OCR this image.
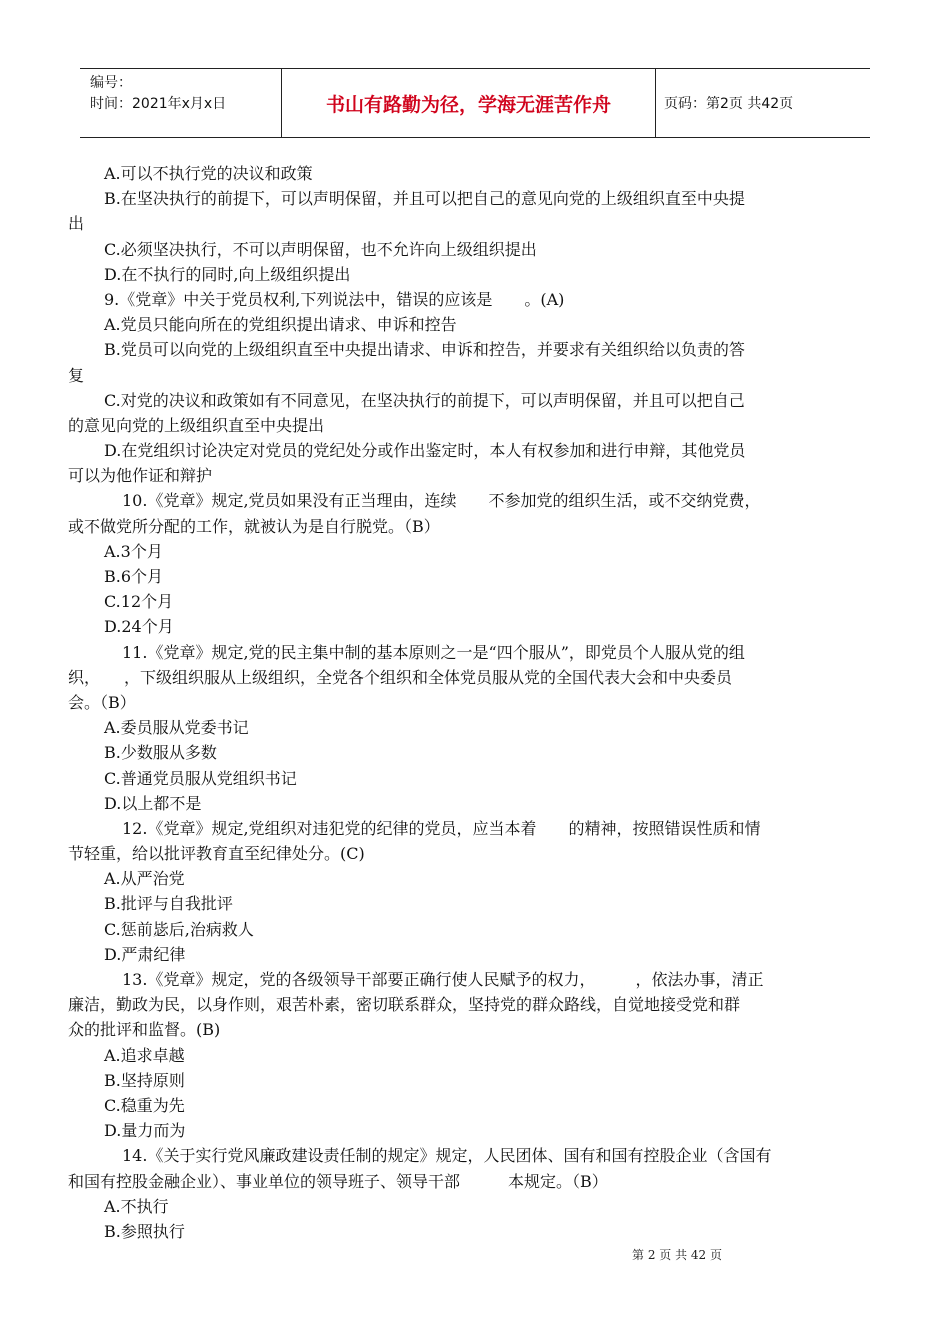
编号：
时间：2021年x月x日	书山有路勤为径，学海无涯苦作舟	页码：第2页 共42页
A.可以不执行党的决议和政策
B.在坚决执行的前提下，可以声明保留，并且可以把自己的意见向党的上级组织直至中央提
出
C.必须坚决执行，不可以声明保留，也不允许向上级组织提出
D.在不执行的同时,向上级组织提出
9.《党章》中关于党员权利,下列说法中，错误的应该是　　。(A)
A.党员只能向所在的党组织提出请求、申诉和控告
B.党员可以向党的上级组织直至中央提出请求、申诉和控告，并要求有关组织给以负责的答
复
C.对党的决议和政策如有不同意见，在坚决执行的前提下，可以声明保留，并且可以把自己
的意见向党的上级组织直至中央提出
D.在党组织讨论决定对党员的党纪处分或作出鉴定时，本人有权参加和进行申辩，其他党员
可以为他作证和辩护
10.《党章》规定,党员如果没有正当理由，连续　　不参加党的组织生活，或不交纳党费，
或不做党所分配的工作，就被认为是自行脱党。（B）
A.3个月
B.6个月
C.12个月
D.24个月
11.《党章》规定,党的民主集中制的基本原则之一是“四个服从”，即党员个人服从党的组
织，　　，下级组织服从上级组织，全党各个组织和全体党员服从党的全国代表大会和中央委员
会。（B）
A.委员服从党委书记
B.少数服从多数
C.普通党员服从党组织书记
D.以上都不是
12.《党章》规定,党组织对违犯党的纪律的党员，应当本着　　的精神，按照错误性质和情
节轻重，给以批评教育直至纪律处分。(C)
A.从严治党
B.批评与自我批评
C.惩前毖后,治病救人
D.严肃纪律
13.《党章》规定，党的各级领导干部要正确行使人民赋予的权力，　　　，依法办事，清正
廉洁，勤政为民，以身作则，艰苦朴素，密切联系群众，坚持党的群众路线，自觉地接受党和群
众的批评和监督。(B)
A.追求卓越
B.坚持原则
C.稳重为先
D.量力而为
14.《关于实行党风廉政建设责任制的规定》规定，人民团体、国有和国有控股企业（含国有
和国有控股金融企业）、事业单位的领导班子、领导干部　　　本规定。（B）
A.不执行
B.参照执行
第 2 页 共 42 页
